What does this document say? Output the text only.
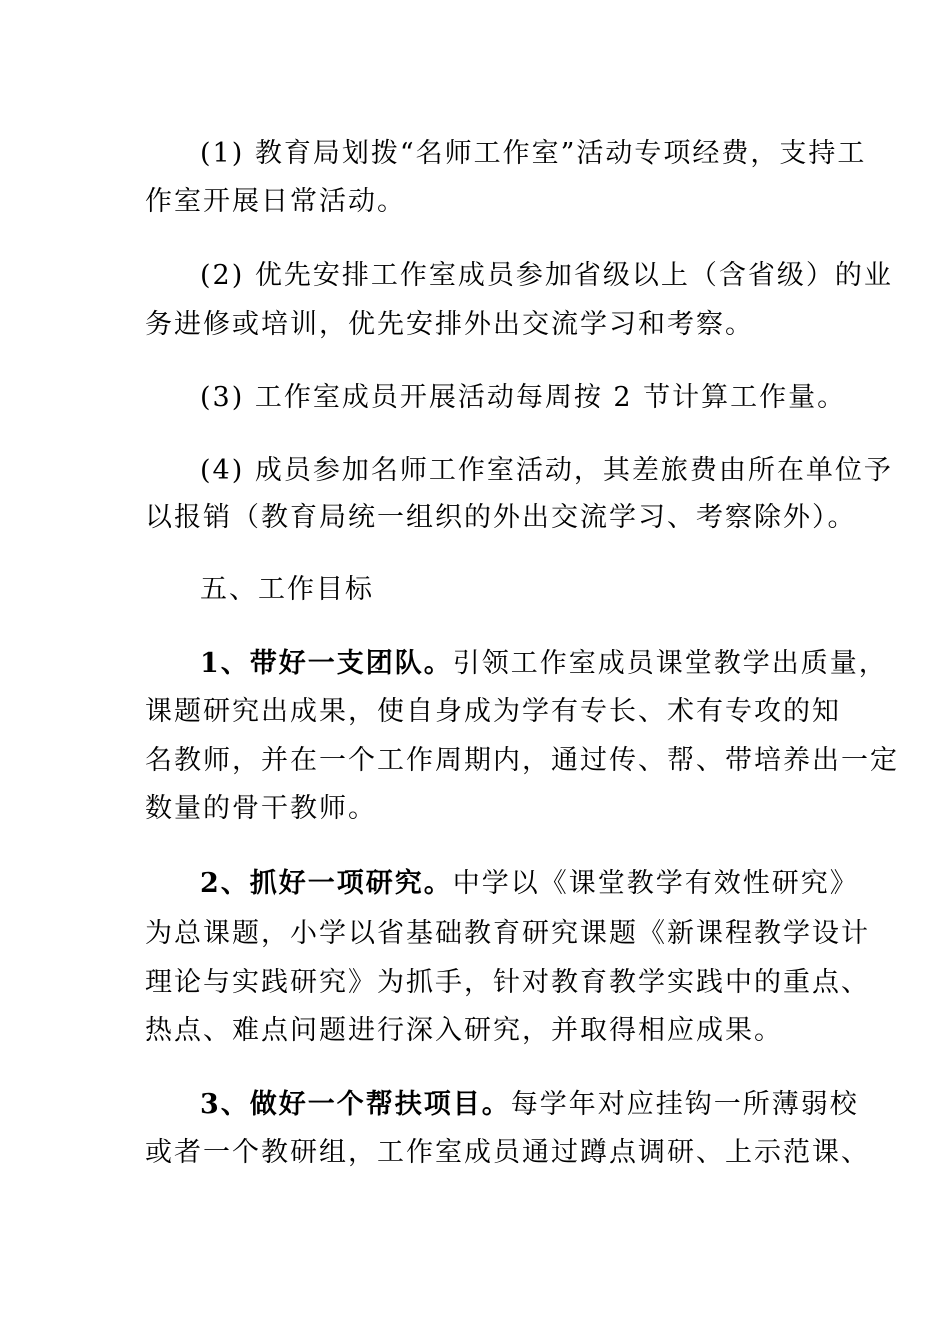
(1) 教育局划拨“名师工作室”活动专项经费，支持工
作室开展日常活动。
(2) 优先安排工作室成员参加省级以上（含省级）的业
务进修或培训，优先安排外出交流学习和考察。
(3) 工作室成员开展活动每周按 2 节计算工作量。
(4) 成员参加名师工作室活动，其差旅费由所在单位予
以报销（教育局统一组织的外出交流学习、考察除外）。
五、工作目标
1、带好一支团队。引领工作室成员课堂教学出质量，
课题研究出成果，使自身成为学有专长、术有专攻的知
名教师，并在一个工作周期内，通过传、帮、带培养出一定
数量的骨干教师。
2、抓好一项研究。中学以《课堂教学有效性研究》
为总课题，小学以省基础教育研究课题《新课程教学设计
理论与实践研究》为抓手，针对教育教学实践中的重点、
热点、难点问题进行深入研究，并取得相应成果。
3、做好一个帮扶项目。每学年对应挂钩一所薄弱校
或者一个教研组，工作室成员通过蹲点调研、上示范课、
